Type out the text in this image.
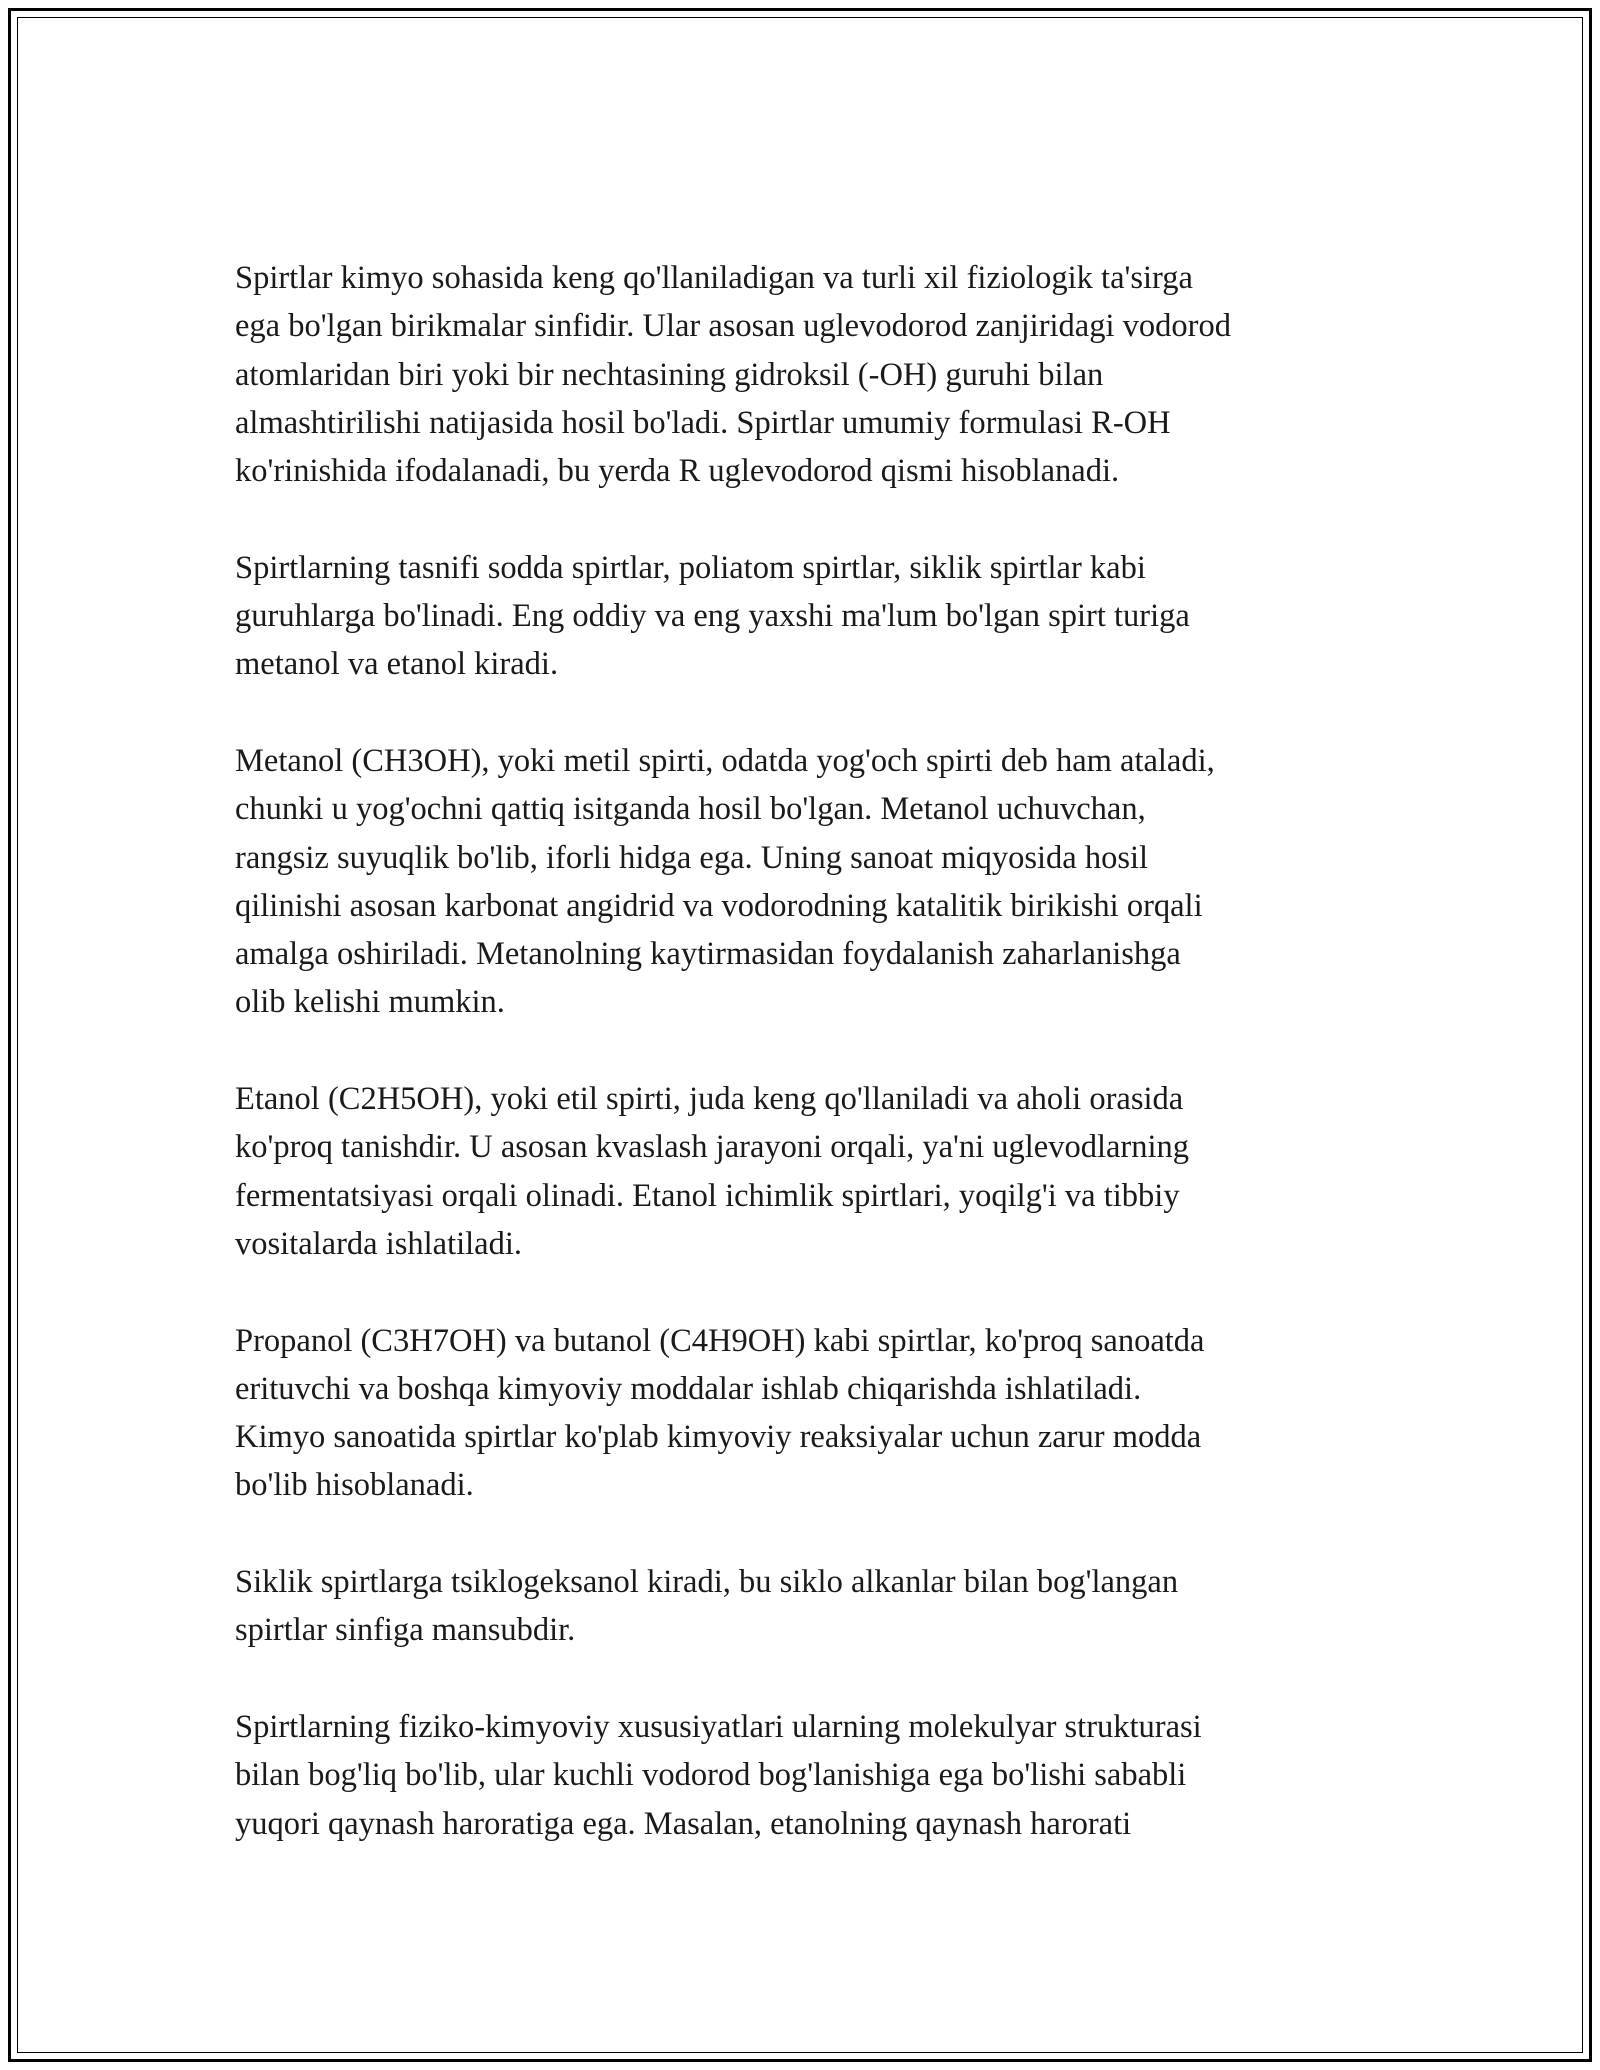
Spirtlar kimyo sohasida keng qo'llaniladigan va turli xil fiziologik ta'sirga
ega bo'lgan birikmalar sinfidir. Ular asosan uglevodorod zanjiridagi vodorod
atomlaridan biri yoki bir nechtasining gidroksil (-OH) guruhi bilan
almashtirilishi natijasida hosil bo'ladi. Spirtlar umumiy formulasi R-OH
ko'rinishida ifodalanadi, bu yerda R uglevodorod qismi hisoblanadi.

Spirtlarning tasnifi sodda spirtlar, poliatom spirtlar, siklik spirtlar kabi
guruhlarga bo'linadi. Eng oddiy va eng yaxshi ma'lum bo'lgan spirt turiga
metanol va etanol kiradi.

Metanol (CH3OH), yoki metil spirti, odatda yog'och spirti deb ham ataladi,
chunki u yog'ochni qattiq isitganda hosil bo'lgan. Metanol uchuvchan,
rangsiz suyuqlik bo'lib, iforli hidga ega. Uning sanoat miqyosida hosil
qilinishi asosan karbonat angidrid va vodorodning katalitik birikishi orqali
amalga oshiriladi. Metanolning kaytirmasidan foydalanish zaharlanishga
olib kelishi mumkin.

Etanol (C2H5OH), yoki etil spirti, juda keng qo'llaniladi va aholi orasida
ko'proq tanishdir. U asosan kvaslash jarayoni orqali, ya'ni uglevodlarning
fermentatsiyasi orqali olinadi. Etanol ichimlik spirtlari, yoqilg'i va tibbiy
vositalarda ishlatiladi.

Propanol (C3H7OH) va butanol (C4H9OH) kabi spirtlar, ko'proq sanoatda
erituvchi va boshqa kimyoviy moddalar ishlab chiqarishda ishlatiladi.
Kimyo sanoatida spirtlar ko'plab kimyoviy reaksiyalar uchun zarur modda
bo'lib hisoblanadi.

Siklik spirtlarga tsiklogeksanol kiradi, bu siklo alkanlar bilan bog'langan
spirtlar sinfiga mansubdir.

Spirtlarning fiziko-kimyoviy xususiyatlari ularning molekulyar strukturasi
bilan bog'liq bo'lib, ular kuchli vodorod bog'lanishiga ega bo'lishi sababli
yuqori qaynash haroratiga ega. Masalan, etanolning qaynash harorati
